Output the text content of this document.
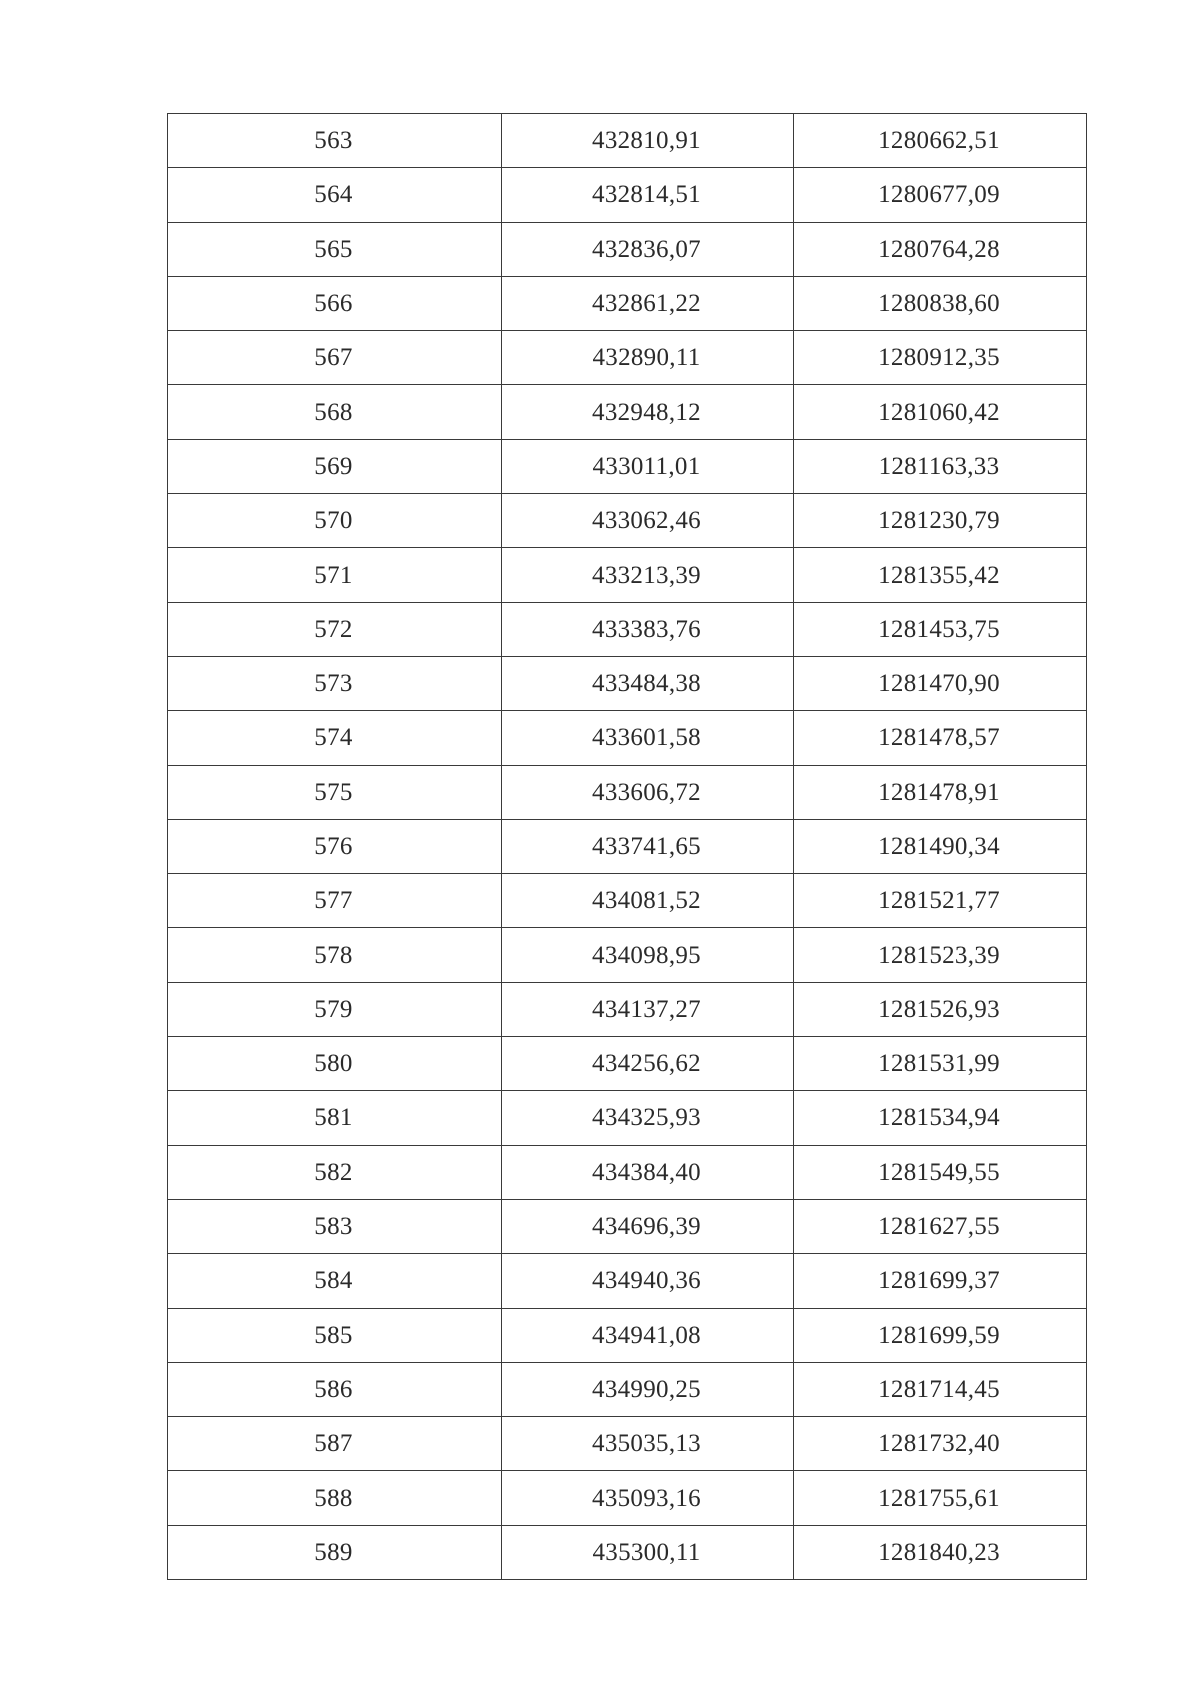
563	432810,91	1280662,51
564	432814,51	1280677,09
565	432836,07	1280764,28
566	432861,22	1280838,60
567	432890,11	1280912,35
568	432948,12	1281060,42
569	433011,01	1281163,33
570	433062,46	1281230,79
571	433213,39	1281355,42
572	433383,76	1281453,75
573	433484,38	1281470,90
574	433601,58	1281478,57
575	433606,72	1281478,91
576	433741,65	1281490,34
577	434081,52	1281521,77
578	434098,95	1281523,39
579	434137,27	1281526,93
580	434256,62	1281531,99
581	434325,93	1281534,94
582	434384,40	1281549,55
583	434696,39	1281627,55
584	434940,36	1281699,37
585	434941,08	1281699,59
586	434990,25	1281714,45
587	435035,13	1281732,40
588	435093,16	1281755,61
589	435300,11	1281840,23
